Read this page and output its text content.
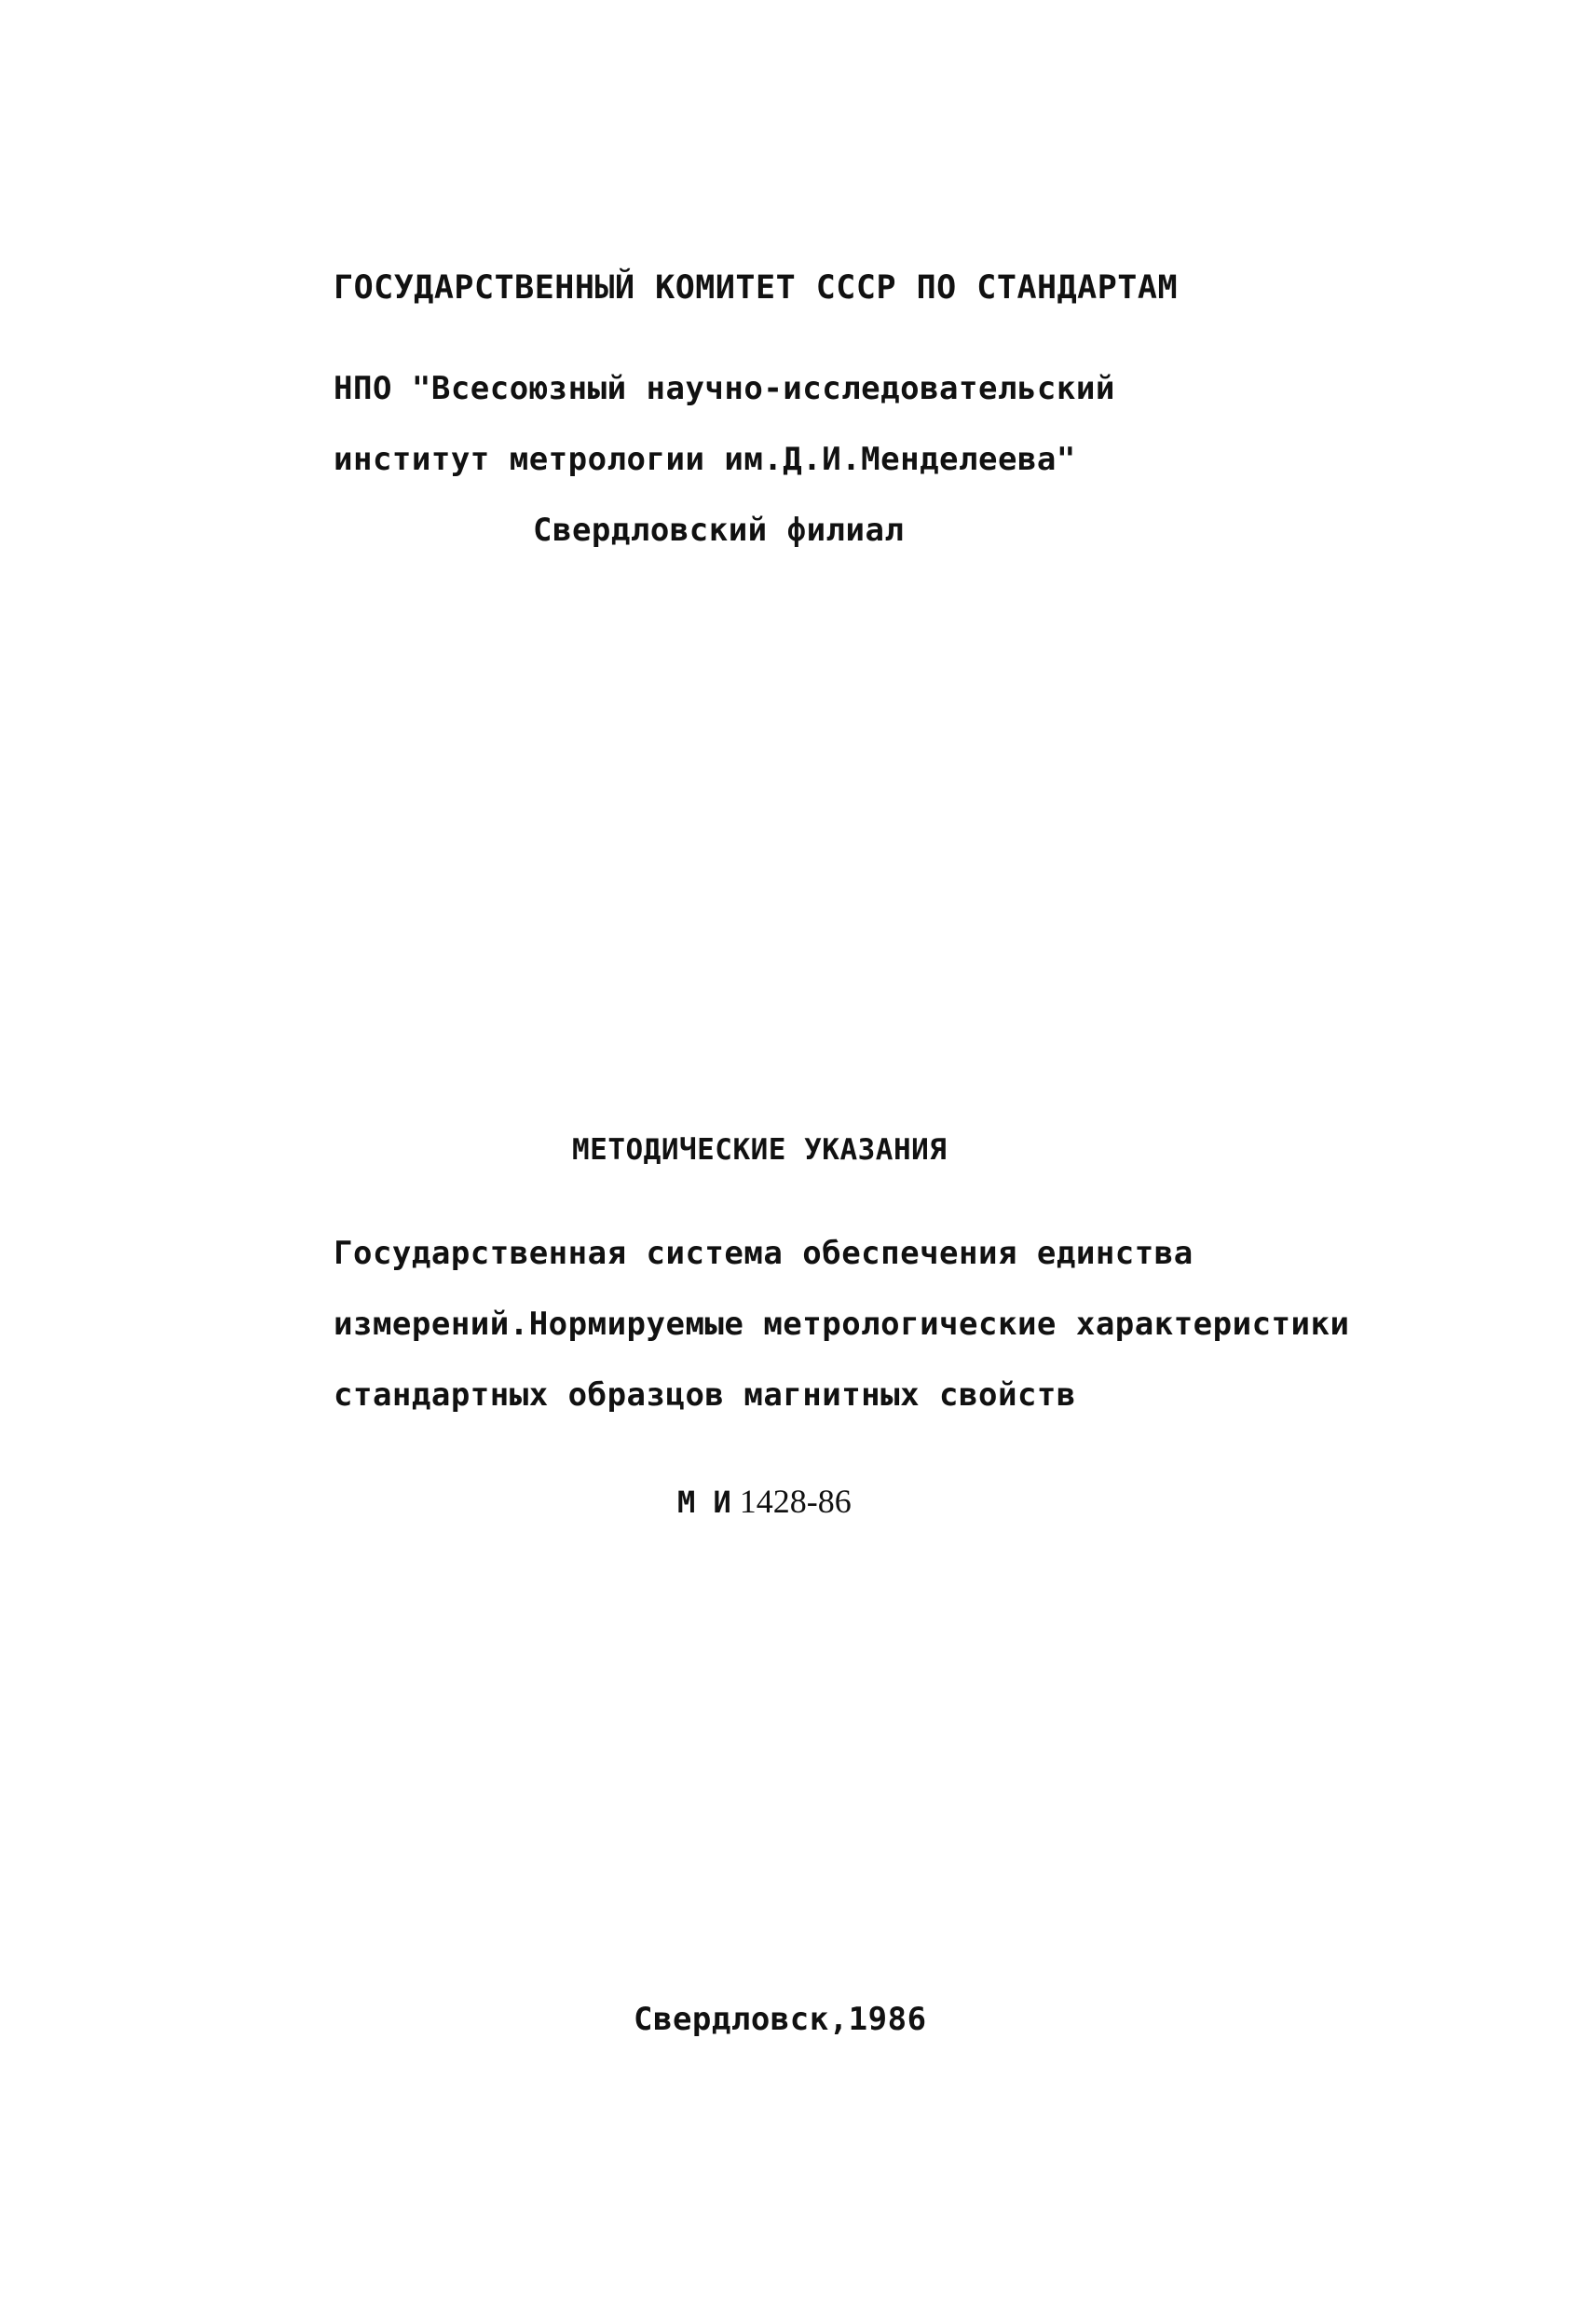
ГОСУДАРСТВЕННЫЙ КОМИТЕТ СССР ПО СТАНДАРТАМ
НПО "Всесоюзный научно-исследовательский
институт метрологии им.Д.И.Менделеева"
Свердловский филиал
МЕТОДИЧЕСКИЕ УКАЗАНИЯ
Государственная система обеспечения единства
измерений.Нормируемые метрологические характеристики
стандартных образцов магнитных свойств
М И 1428-86
Свердловск,1986
